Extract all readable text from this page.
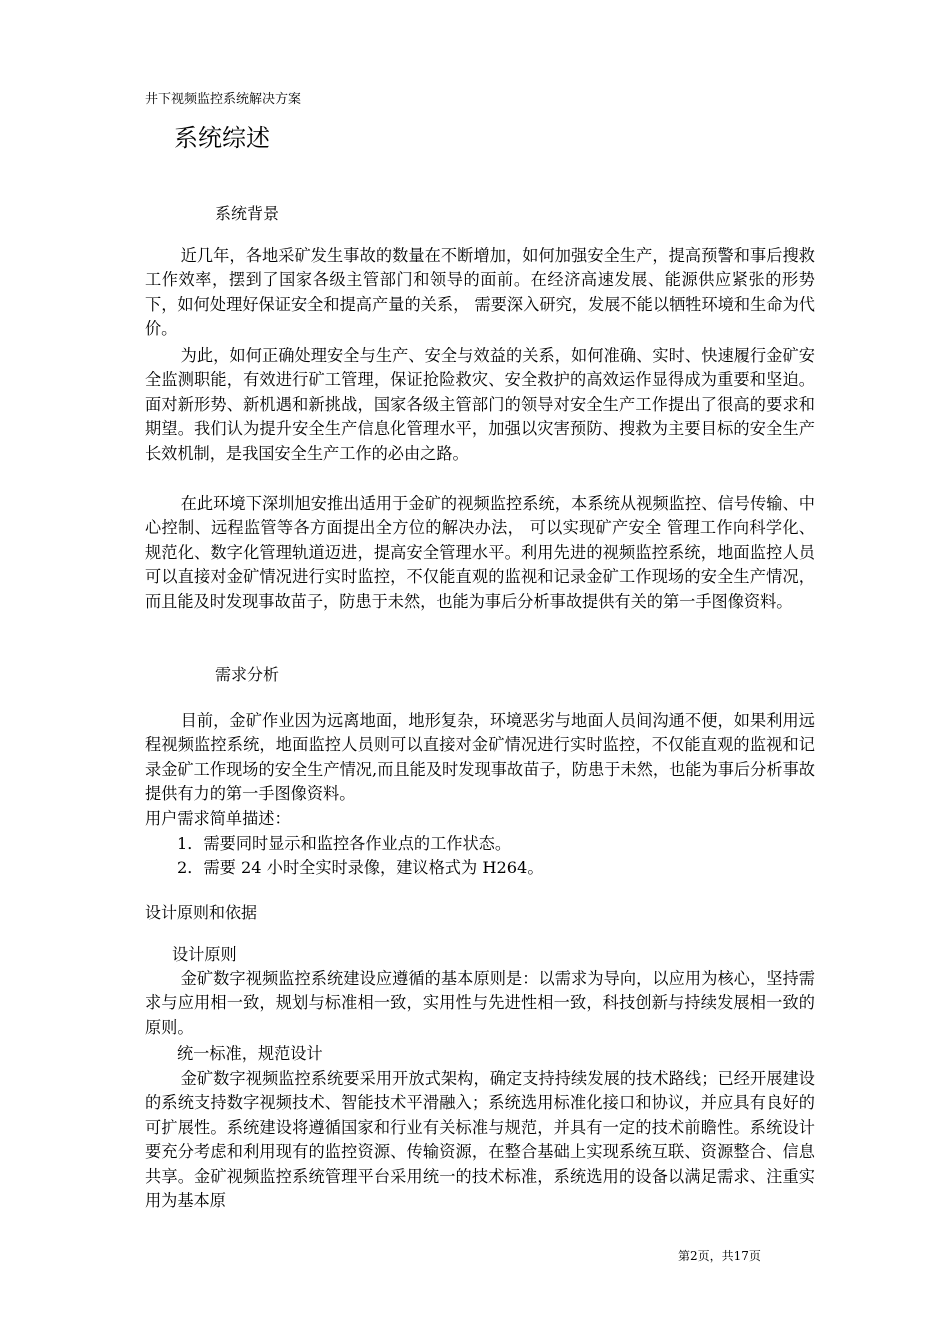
井下视频监控系统解决方案
系统综述
系统背景

近几年，各地采矿发生事故的数量在不断增加，如何加强安全生产，提高预警和事后搜救工作效率，摆到了国家各级主管部门和领导的面前。在经济高速发展、能源供应紧张的形势下，如何处理好保证安全和提高产量的关系， 需要深入研究，发展不能以牺牲环境和生命为代价。

为此，如何正确处理安全与生产、安全与效益的关系，如何准确、实时、快速履行金矿安全监测职能，有效进行矿工管理，保证抢险救灾、安全救护的高效运作显得成为重要和坚迫。面对新形势、新机遇和新挑战，国家各级主管部门的领导对安全生产工作提出了很高的要求和期望。我们认为提升安全生产信息化管理水平，加强以灾害预防、搜救为主要目标的安全生产长效机制，是我国安全生产工作的必由之路。

在此环境下深圳旭安推出适用于金矿的视频监控系统，本系统从视频监控、信号传输、中心控制、远程监管等各方面提出全方位的解决办法， 可以实现矿产安全 管理工作向科学化、规范化、数字化管理轨道迈进，提高安全管理水平。利用先进的视频监控系统，地面监控人员可以直接对金矿情况进行实时监控，不仅能直观的监视和记录金矿工作现场的安全生产情况，而且能及时发现事故苗子，防患于未然，也能为事后分析事故提供有关的第一手图像资料。

需求分析

目前，金矿作业因为远离地面，地形复杂，环境恶劣与地面人员间沟通不便，如果利用远程视频监控系统，地面监控人员则可以直接对金矿情况进行实时监控，不仅能直观的监视和记录金矿工作现场的安全生产情况,而且能及时发现事故苗子，防患于未然，也能为事后分析事故提供有力的第一手图像资料。

用户需求简单描述：
1．需要同时显示和监控各作业点的工作状态。
2．需要 24 小时全实时录像，建议格式为 H264。
设计原则和依据
设计原则

金矿数字视频监控系统建设应遵循的基本原则是：以需求为导向，以应用为核心，坚持需求与应用相一致，规划与标准相一致，实用性与先进性相一致，科技创新与持续发展相一致的原则。

统一标准，规范设计

金矿数字视频监控系统要采用开放式架构，确定支持持续发展的技术路线；已经开展建设的系统支持数字视频技术、智能技术平滑融入；系统选用标准化接口和协议，并应具有良好的可扩展性。系统建设将遵循国家和行业有关标准与规范，并具有一定的技术前瞻性。系统设计要充分考虑和利用现有的监控资源、传输资源，在整合基础上实现系统互联、资源整合、信息共享。金矿视频监控系统管理平台采用统一的技术标准，系统选用的设备以满足需求、注重实用为基本原

第2页，共17页
